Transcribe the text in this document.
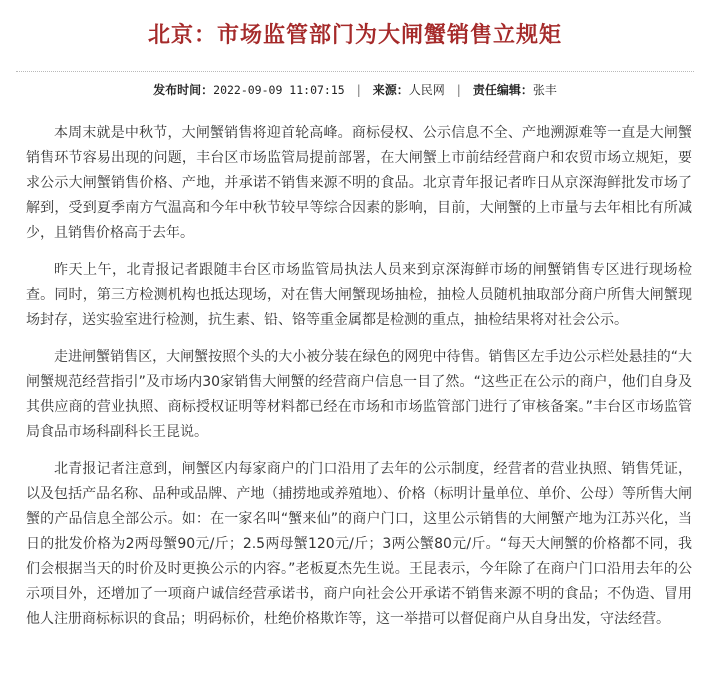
北京：市场监管部门为大闸蟹销售立规矩
发布时间：2022-09-09 11:07:15 | 来源：人民网 | 责任编辑：张丰

本周末就是中秋节，大闸蟹销售将迎首轮高峰。商标侵权、公示信息不全、产地溯源难等一直是大闸蟹销售环节容易出现的问题，丰台区市场监管局提前部署，在大闸蟹上市前结经营商户和农贸市场立规矩，要求公示大闸蟹销售价格、产地，并承诺不销售来源不明的食品。北京青年报记者昨日从京深海鲜批发市场了解到，受到夏季南方气温高和今年中秋节较早等综合因素的影响，目前，大闸蟹的上市量与去年相比有所减少，且销售价格高于去年。

昨天上午，北青报记者跟随丰台区市场监管局执法人员来到京深海鲜市场的闸蟹销售专区进行现场检查。同时，第三方检测机构也抵达现场，对在售大闸蟹现场抽检，抽检人员随机抽取部分商户所售大闸蟹现场封存，送实验室进行检测，抗生素、铅、铬等重金属都是检测的重点，抽检结果将对社会公示。

走进闸蟹销售区，大闸蟹按照个头的大小被分装在绿色的网兜中待售。销售区左手边公示栏处悬挂的“大闸蟹规范经营指引”及市场内30家销售大闸蟹的经营商户信息一目了然。“这些正在公示的商户，他们自身及其供应商的营业执照、商标授权证明等材料都已经在市场和市场监管部门进行了审核备案。”丰台区市场监管局食品市场科副科长王昆说。

北青报记者注意到，闸蟹区内每家商户的门口沿用了去年的公示制度，经营者的营业执照、销售凭证，以及包括产品名称、品种或品牌、产地（捕捞地或养殖地）、价格（标明计量单位、单价、公母）等所售大闸蟹的产品信息全部公示。如：在一家名叫“蟹来仙”的商户门口，这里公示销售的大闸蟹产地为江苏兴化，当日的批发价格为2两母蟹90元/斤；2.5两母蟹120元/斤；3两公蟹80元/斤。“每天大闸蟹的价格都不同，我们会根据当天的时价及时更换公示的内容。”老板夏杰先生说。王昆表示，今年除了在商户门口沿用去年的公示项目外，还增加了一项商户诚信经营承诺书，商户向社会公开承诺不销售来源不明的食品；不伪造、冒用他人注册商标标识的食品；明码标价，杜绝价格欺诈等，这一举措可以督促商户从自身出发，守法经营。
